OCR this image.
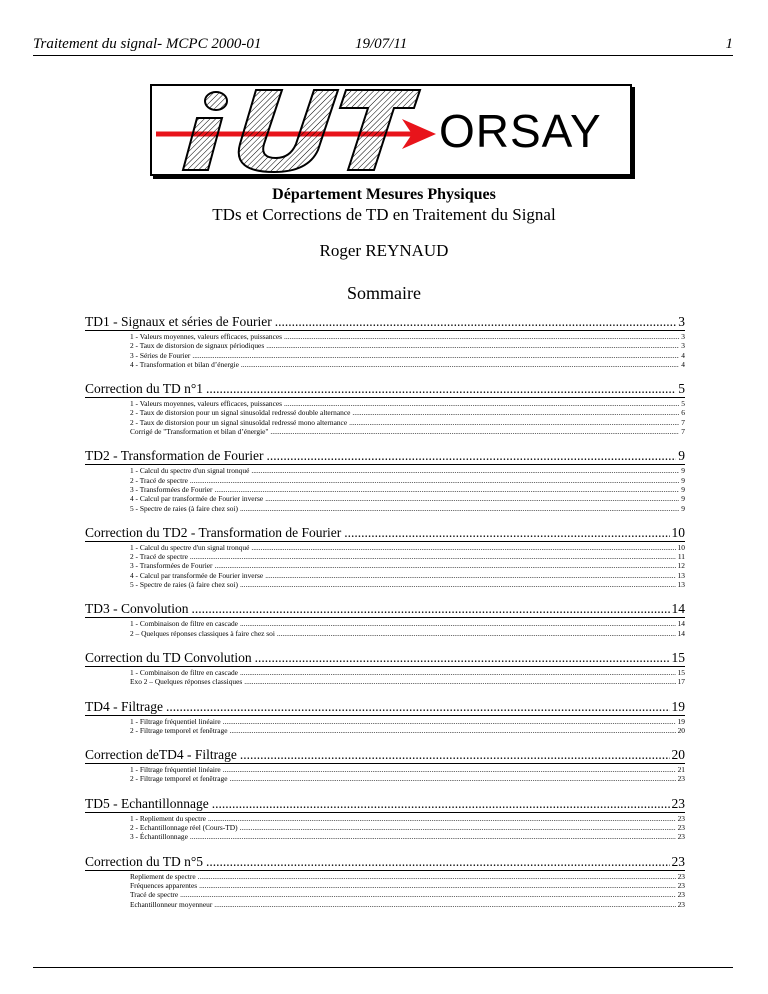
Traitement du signal- MCPC 2000-01	19/07/11	1
ORSAY
Département Mesures Physiques
TDs et Corrections de TD en Traitement du Signal
Roger REYNAUD
Sommaire
TD1 - Signaux et séries de Fourier .....	3
1 - Valeurs moyennes, valeurs efficaces, puissances .....	3
2 - Taux de distorsion de signaux périodiques .....	3
3 - Séries de Fourier .....	4
4 - Transformation et bilan d’énergie .....	4
Correction du TD n°1 .....	5
1 - Valeurs moyennes, valeurs efficaces, puissances .....	5
2 - Taux de distorsion pour un signal sinusoïdal redressé double alternance .....	6
2 - Taux de distorsion pour un signal sinusoïdal redressé mono alternance .....	7
Corrigé de "Transformation et bilan d’énergie" .....	7
TD2 - Transformation de Fourier .....	9
1 - Calcul du spectre d'un signal tronqué .....	9
2 - Tracé de spectre .....	9
3 - Transformées de Fourier .....	9
4 - Calcul par transformée de Fourier inverse .....	9
5 - Spectre de raies (à faire chez soi) .....	9
Correction du TD2 - Transformation de Fourier .....	10
1 - Calcul du spectre d'un signal tronqué .....	10
2 - Tracé de spectre .....	11
3 - Transformées de Fourier .....	12
4 - Calcul par transformée de Fourier inverse .....	13
5 - Spectre de raies (à faire chez soi) .....	13
TD3 - Convolution .....	14
1 - Combinaison de filtre en cascade .....	14
2 – Quelques réponses classiques à faire chez soi .....	14
Correction du TD Convolution .....	15
1 - Combinaison de filtre en cascade .....	15
Exo 2 – Quelques réponses classiques .....	17
TD4 - Filtrage .....	19
1 - Filtrage fréquentiel linéaire .....	19
2 - Filtrage temporel et fenêtrage .....	20
Correction deTD4 - Filtrage .....	20
1 - Filtrage fréquentiel linéaire .....	21
2 - Filtrage temporel et fenêtrage .....	23
TD5 - Echantillonnage .....	23
1 - Repliement du spectre .....	23
2 - Echantillonnage réel (Cours-TD) .....	23
3 - Échantillonnage .....	23
Correction du TD n°5 .....	23
Repliement de spectre .....	23
Fréquences apparentes .....	23
Tracé de spectre .....	23
Echantillonneur moyenneur .....	23
